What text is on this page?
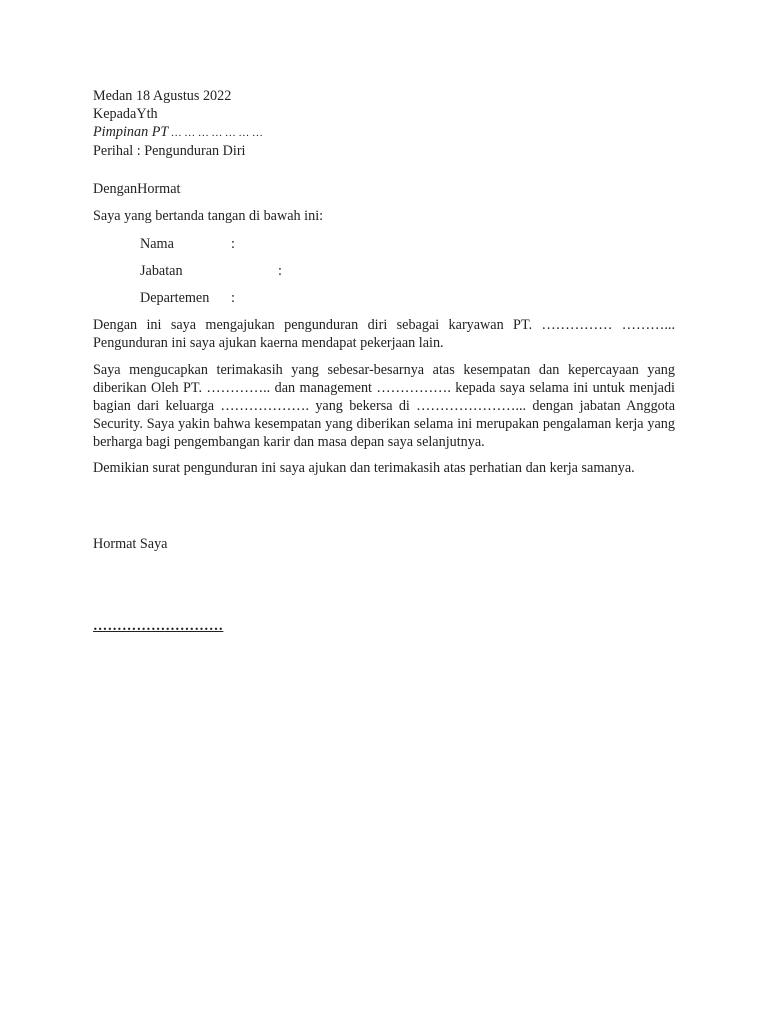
Medan 18 Agustus 2022
KepadaYth
Pimpinan PT … … … … … … …
Perihal : Pengunduran Diri
DenganHormat
Saya yang bertanda tangan di bawah ini:
Nama	:
Jabatan	:
Departemen :
Dengan ini saya mengajukan pengunduran diri sebagai karyawan PT. …………… ………...
Pengunduran ini saya ajukan kaerna mendapat pekerjaan lain.

Saya mengucapkan terimakasih yang sebesar-besarnya atas kesempatan dan kepercayaan yang diberikan Oleh PT. ………….. dan management ……………. kepada saya selama ini untuk menjadi bagian dari keluarga ………………. yang bekersa di …………………... dengan jabatan Anggota Security. Saya yakin bahwa kesempatan yang diberikan selama ini merupakan pengalaman kerja yang berharga bagi pengembangan karir dan masa depan saya selanjutnya.

Demikian surat pengunduran ini saya ajukan dan terimakasih atas perhatian dan kerja samanya.

Hormat Saya
………………………
